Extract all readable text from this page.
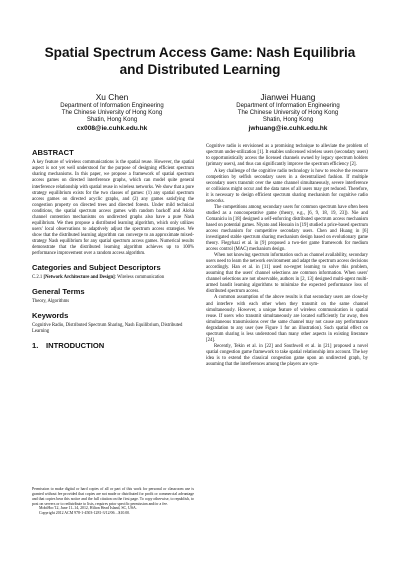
Spatial Spectrum Access Game: Nash Equilibria and Distributed Learning
Xu Chen
Department of Information Engineering
The Chinese University of Hong Kong
Shatin, Hong Kong
cx008@ie.cuhk.edu.hk
Jianwei Huang
Department of Information Engineering
The Chinese University of Hong Kong
Shatin, Hong Kong
jwhuang@ie.cuhk.edu.hk
ABSTRACT

A key feature of wireless communications is the spatial reuse. However, the spatial aspect is not yet well understood for the purpose of designing efficient spectrum sharing mechanisms. In this paper, we propose a framework of spatial spectrum access games on directed interference graphs, which can model quite general interference relationship with spatial reuse in wireless networks. We show that a pure strategy equilibrium exists for the two classes of games: (1) any spatial spectrum access games on directed acyclic graphs, and (2) any games satisfying the congestion property on directed trees and directed forests. Under mild technical conditions, the spatial spectrum access games with random backoff and Aloha channel contention mechanisms on undirected graphs also have a pure Nash equilibrium. We then propose a distributed learning algorithm, which only utilizes users' local observations to adaptively adjust the spectrum access strategies. We show that the distributed learning algorithm can converge to an approximate mixed-strategy Nash equilibrium for any spatial spectrum access games. Numerical results demonstrate that the distributed learning algorithm achieves up to 100% performance improvement over a random access algorithm.

Categories and Subject Descriptors

C.2.1 [Network Architecture and Design]: Wireless communication

General Terms

Theory, Algorithms

Keywords

Cognitive Radio, Distributed Spectrum Sharing, Nash Equilibrium, Distributed Learning

1.	INTRODUCTION

Cognitive radio is envisioned as a promising technique to alleviate the problem of spectrum under-utilization [1]. It enables unlicensed wireless users (secondary users) to opportunistically access the licensed channels owned by legacy spectrum holders (primary users), and thus can significantly improve the spectrum efficiency [2].

A key challenge of the cognitive radio technology is how to resolve the resource competition by selfish secondary users in a decentralized fashion. If multiple secondary users transmit over the same channel simultaneously, severe interference or collisions might occur and the data rates of all users may get reduced. Therefore, it is necessary to design efficient spectrum sharing mechanism for cognitive radio networks.

The competitions among secondary users for common spectrum have often been studied as a noncooperative game (theory, e.g., [6, 9, 18, 19, 23]). Nie and Comaniciu in [18] designed a self-enforcing distributed spectrum access mechanism based on potential games. Niyato and Hossain in [19] studied a price-based spectrum access mechanism for competitive secondary users. Chen and Huang in [6] investigated stable spectrum sharing mechanism design based on evolutionary game theory. Flegyhazi et al. in [9] proposed a two-tier game framework for medium access control (MAC) mechanism design.

When not knowing spectrum information such as channel availability, secondary users need to learn the network environment and adapt the spectrum access decisions accordingly. Han et al. in [11] used no-regret learning to solve this problem, assuming that the users' channel selections are common information. When users' channel selections are not observable, authors in [2, 13] designed multi-agent multi-armed bandit learning algorithms to minimize the expected performance loss of distributed spectrum access.

A common assumption of the above results is that secondary users are close-by and interfere with each other when they transmit on the same channel simultaneously. However, a unique feature of wireless communication is spatial reuse. If users who transmit simultaneously are located sufficiently far away, then simultaneous transmissions over the same channel may not cause any performance degradation to any user (see Figure 1 for an illustration). Such spatial effect on spectrum sharing is less understood than many other aspects in existing literature [24].

Recently, Tekin et al. in [22] and Southwell et al. in [21] proposed a novel spatial congestion game framework to take spatial relationship into account. The key idea is to extend the classical congestion game upon an undirected graph, by assuming that the interferences among the players are sym-

Permission to make digital or hard copies of all or part of this work for personal or classroom use is granted without fee provided that copies are not made or distributed for profit or commercial advantage and that copies bear this notice and the full citation on the first page. To copy otherwise, to republish, to post on servers or to redistribute to lists, requires prior specific permission and/or a fee.

MobiHoc'12, June 11–14, 2012, Hilton Head Island, SC, USA.

Copyright 2012 ACM 978-1-4503-1281-3/12/06 ...$10.00.
